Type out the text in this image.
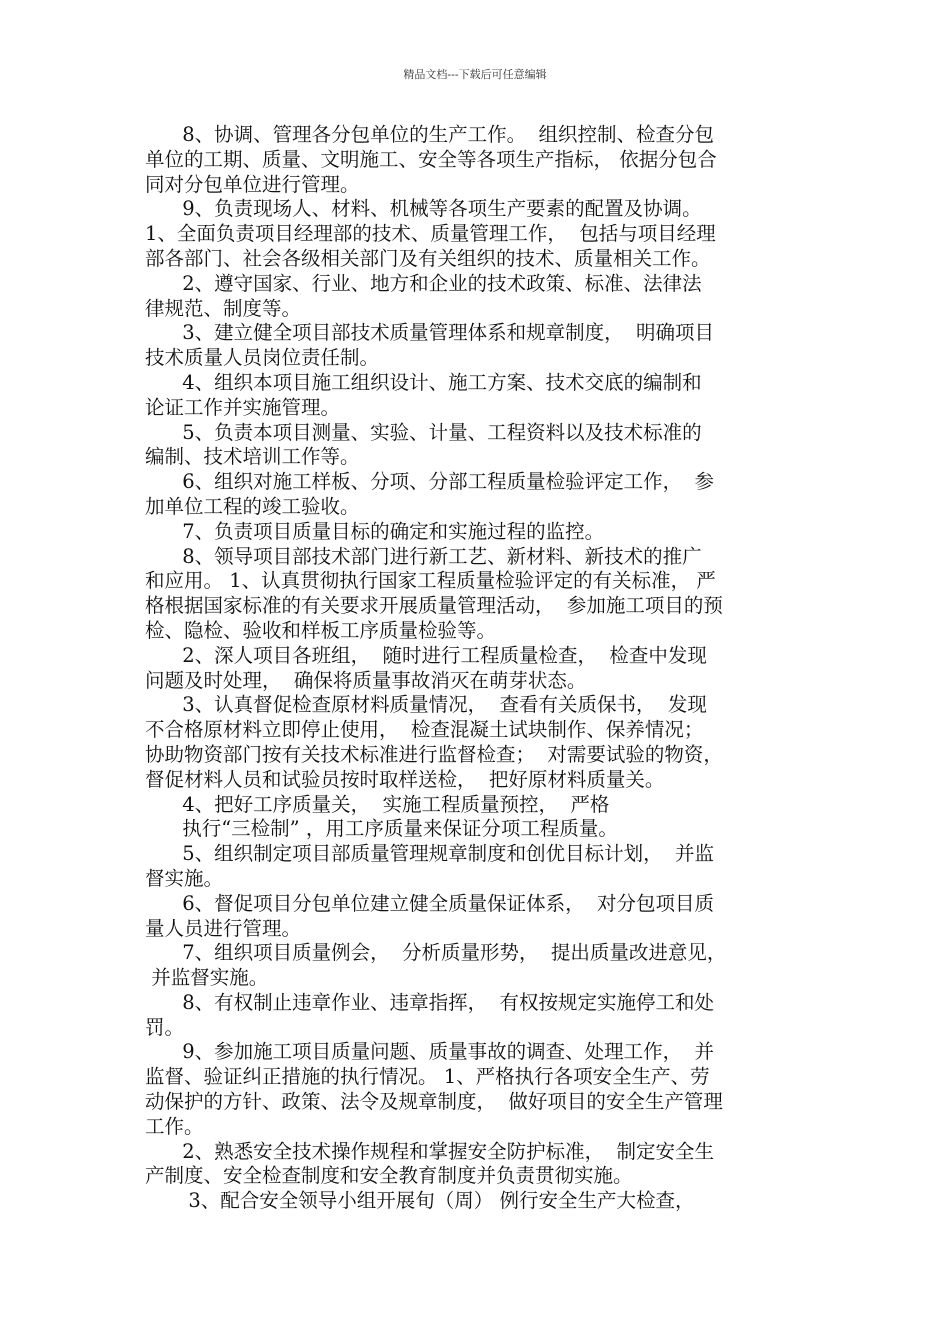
精品文档---下载后可任意编辑
8、协调、管理各分包单位的生产工作。  组织控制、检查分包
单位的工期、质量、文明施工、安全等各项生产指标， 依据分包合
同对分包单位进行管理。
9、负责现场人、材料、机械等各项生产要素的配置及协调。
1、全面负责项目经理部的技术、质量管理工作，  包括与项目经理
部各部门、社会各级相关部门及有关组织的技术、质量相关工作。
2、遵守国家、行业、地方和企业的技术政策、标准、法律法
律规范、制度等。
3、建立健全项目部技术质量管理体系和规章制度，  明确项目
技术质量人员岗位责任制。
4、组织本项目施工组织设计、施工方案、技术交底的编制和
论证工作并实施管理。
5、负责本项目测量、实验、计量、工程资料以及技术标准的
编制、技术培训工作等。
6、组织对施工样板、分项、分部工程质量检验评定工作，  参
加单位工程的竣工验收。
7、负责项目质量目标的确定和实施过程的监控。
8、领导项目部技术部门进行新工艺、新材料、新技术的推广
和应用。 1、认真贯彻执行国家工程质量检验评定的有关标准， 严
格根据国家标准的有关要求开展质量管理活动，  参加施工项目的预
检、隐检、验收和样板工序质量检验等。
2、深人项目各班组，  随时进行工程质量检查，  检查中发现
问题及时处理，  确保将质量事故消灭在萌芽状态。
3、认真督促检查原材料质量情况，  查看有关质保书，  发现
不合格原材料立即停止使用，  检查混凝土试块制作、保养情况；
协助物资部门按有关技术标准进行监督检查；  对需要试验的物资，
督促材料人员和试验员按时取样送检，  把好原材料质量关。
4、把好工序质量关，  实施工程质量预控，  严格
执行“三检制” ，用工序质量来保证分项工程质量。
5、组织制定项目部质量管理规章制度和创优目标计划，  并监
督实施。
6、督促项目分包单位建立健全质量保证体系，  对分包项目质
量人员进行管理。
7、组织项目质量例会，  分析质量形势，  提出质量改进意见，
并监督实施。
8、有权制止违章作业、违章指挥，  有权按规定实施停工和处
罚。
9、参加施工项目质量问题、质量事故的调查、处理工作，  并
监督、验证纠正措施的执行情况。 1、严格执行各项安全生产、劳
动保护的方针、政策、法令及规章制度，  做好项目的安全生产管理
工作。
2、熟悉安全技术操作规程和掌握安全防护标准，  制定安全生
产制度、安全检查制度和安全教育制度并负责贯彻实施。
3、配合安全领导小组开展旬（周） 例行安全生产大检查，
